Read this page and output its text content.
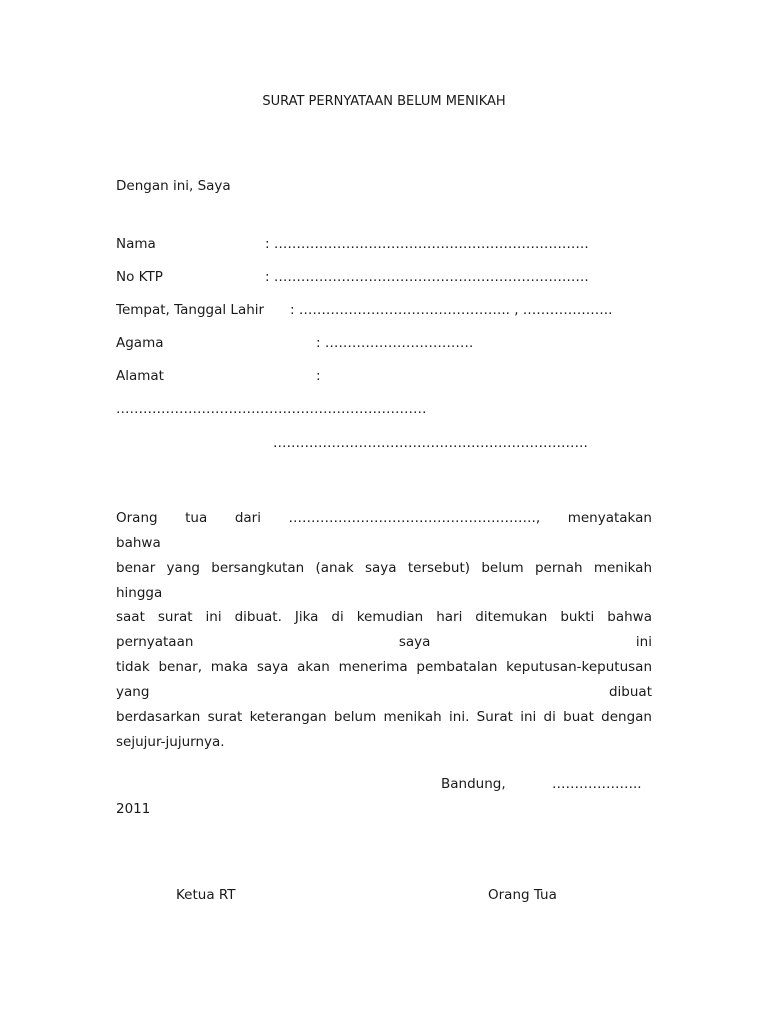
SURAT PERNYATAAN BELUM MENIKAH
Dengan ini, Saya
Nama	: …………………………………………………………….
No KTP	: …………………………………………………………….
Tempat, Tanggal Lahir : ……………………………………….. , ………………..
Agama	: ……………………………
Alamat	:
……………………………………………………………
…………………………………………………………….
Orang tua dari ………………………………………………., menyatakan
bahwa
benar yang bersangkutan (anak saya tersebut) belum pernah menikah
hingga
saat surat ini dibuat. Jika di kemudian hari ditemukan bukti bahwa
pernyataan	saya	ini
tidak benar, maka saya akan menerima pembatalan keputusan-keputusan
yang	dibuat
berdasarkan surat keterangan belum menikah ini. Surat ini di buat dengan
sejujur-jujurnya.
Bandung,	………………..
2011
Ketua RT	Orang Tua
